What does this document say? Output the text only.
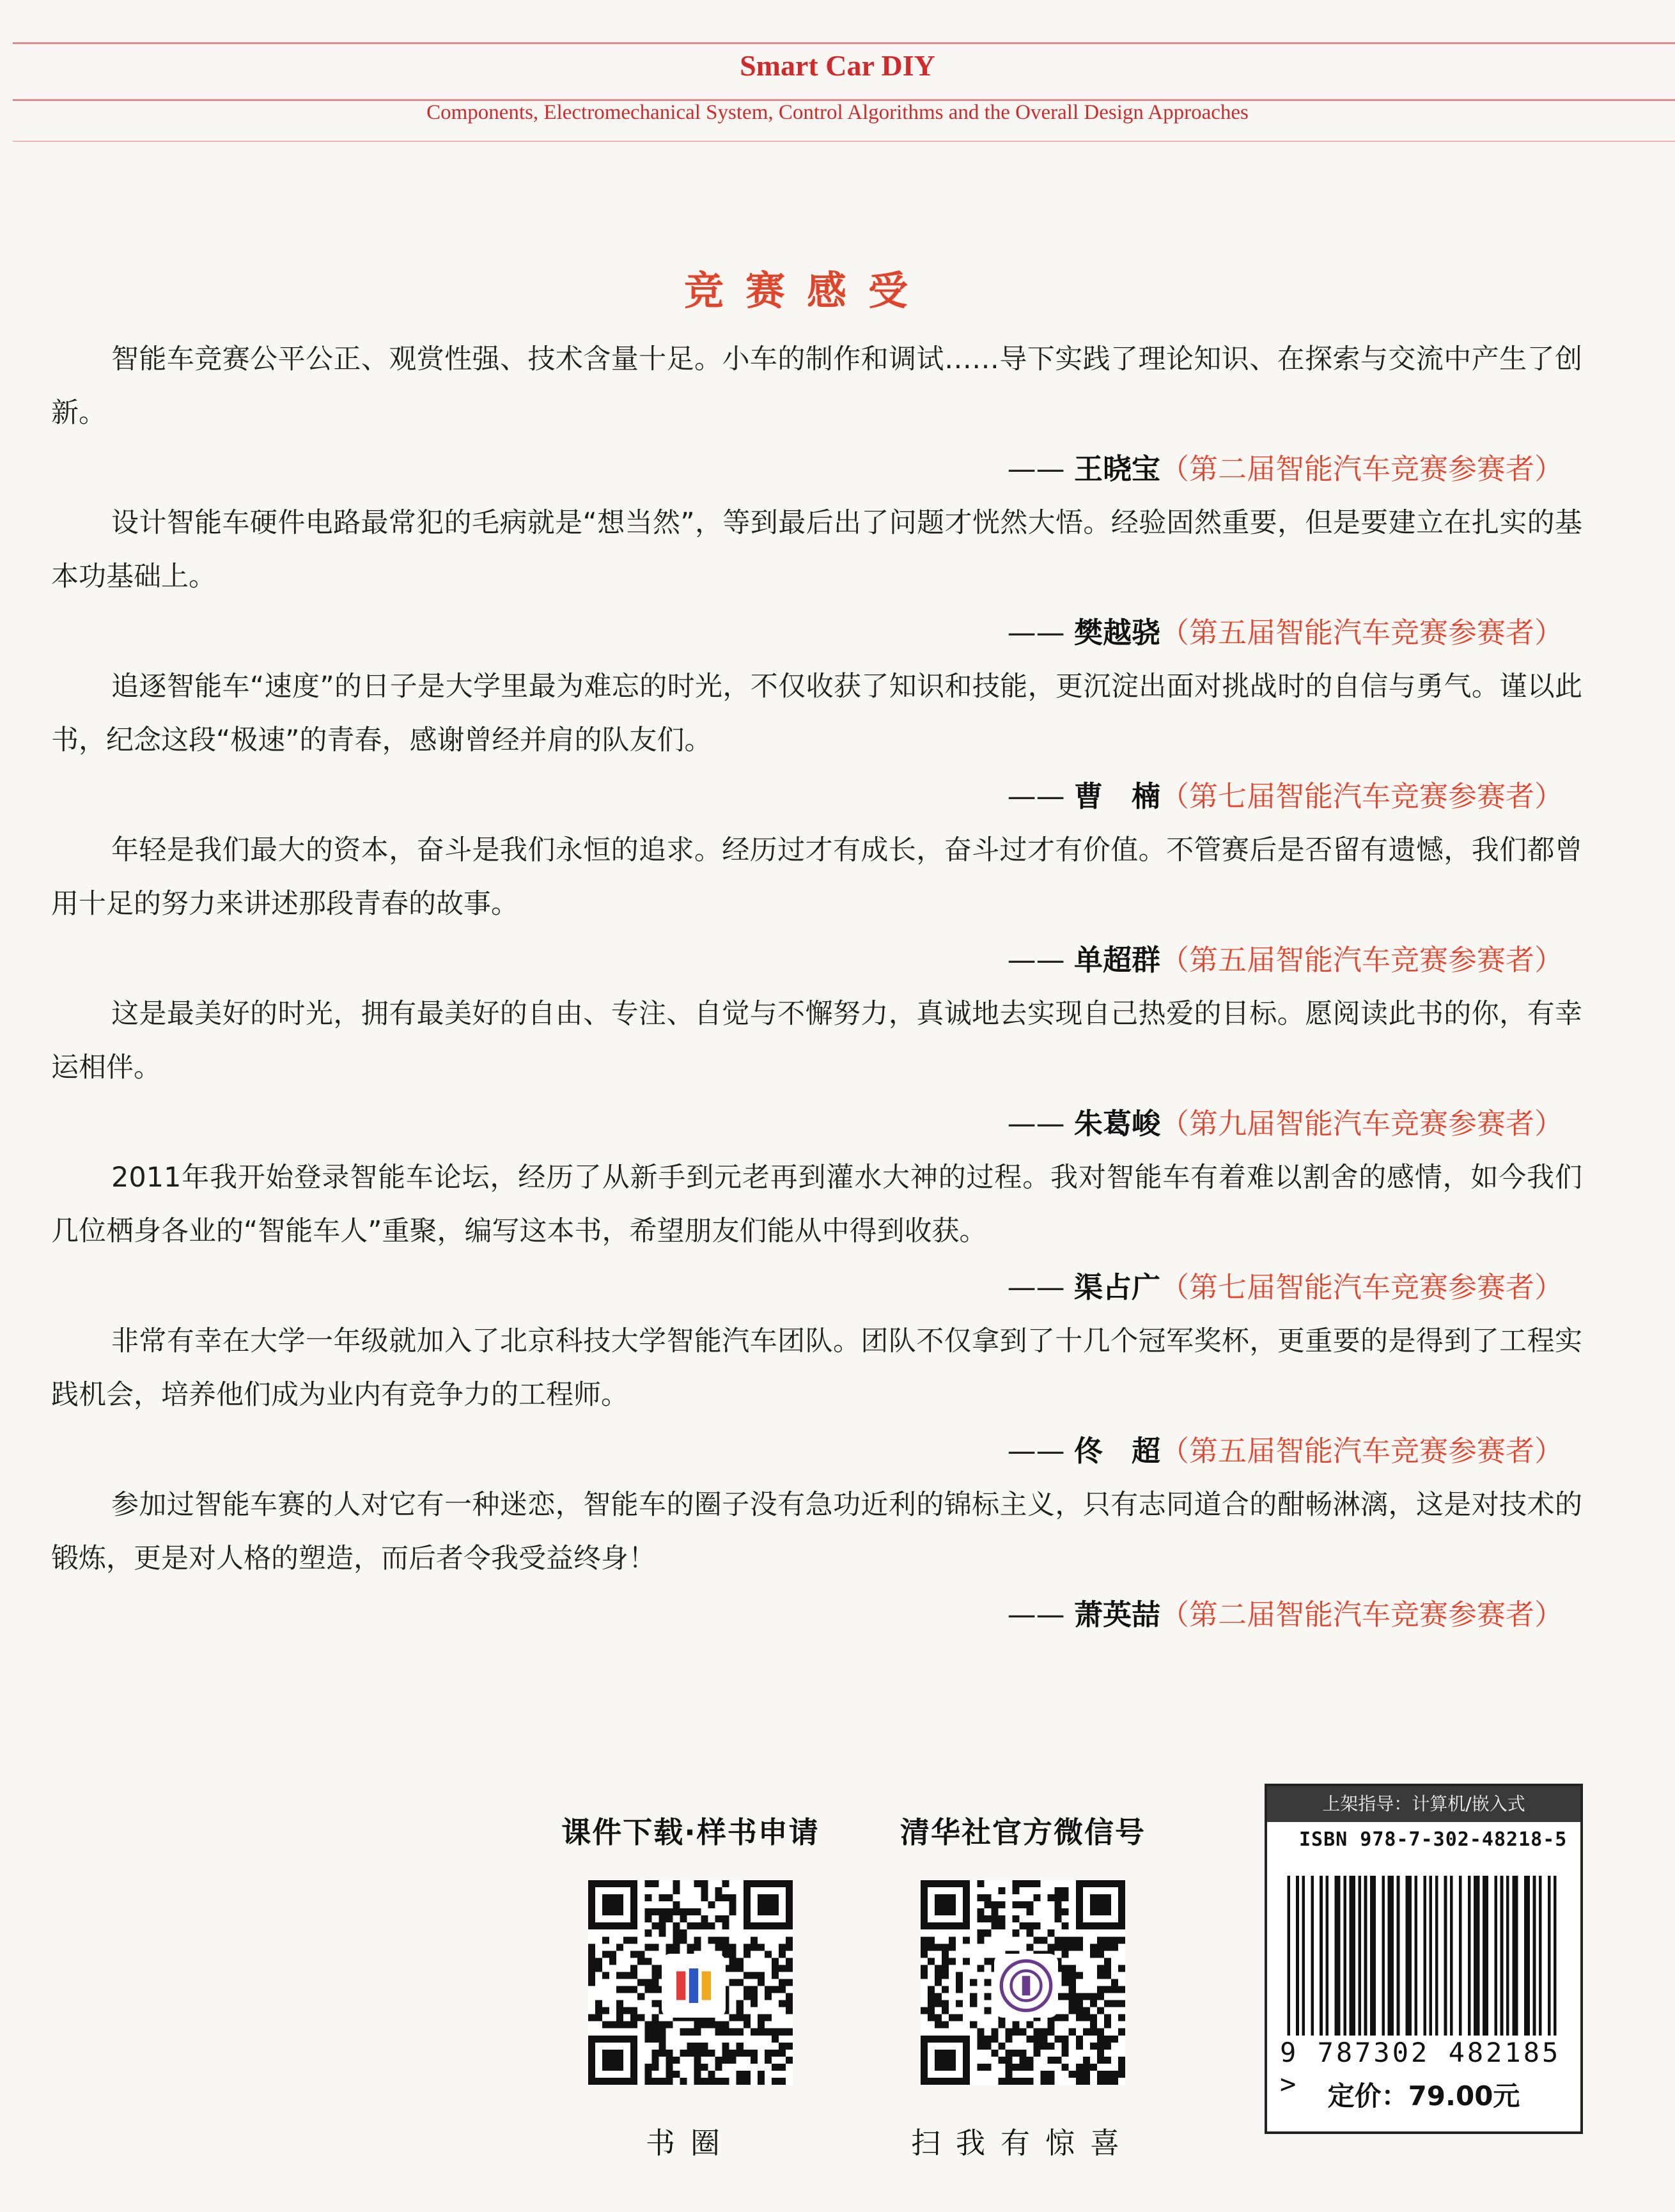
Smart Car DIY
Components, Electromechanical System, Control Algorithms and the Overall Design Approaches
竞赛感受

智能车竞赛公平公正、观赏性强、技术含量十足。小车的制作和调试……导下实践了理论知识、在探索与交流中产生了创新。

—— 王晓宝（第二届智能汽车竞赛参赛者）

设计智能车硬件电路最常犯的毛病就是“想当然”，等到最后出了问题才恍然大悟。经验固然重要，但是要建立在扎实的基本功基础上。

—— 樊越骁（第五届智能汽车竞赛参赛者）

追逐智能车“速度”的日子是大学里最为难忘的时光，不仅收获了知识和技能，更沉淀出面对挑战时的自信与勇气。谨以此书，纪念这段“极速”的青春，感谢曾经并肩的队友们。

—— 曹　楠（第七届智能汽车竞赛参赛者）

年轻是我们最大的资本，奋斗是我们永恒的追求。经历过才有成长，奋斗过才有价值。不管赛后是否留有遗憾，我们都曾用十足的努力来讲述那段青春的故事。

—— 单超群（第五届智能汽车竞赛参赛者）

这是最美好的时光，拥有最美好的自由、专注、自觉与不懈努力，真诚地去实现自己热爱的目标。愿阅读此书的你，有幸运相伴。

—— 朱葛峻（第九届智能汽车竞赛参赛者）

2011年我开始登录智能车论坛，经历了从新手到元老再到灌水大神的过程。我对智能车有着难以割舍的感情，如今我们几位栖身各业的“智能车人”重聚，编写这本书，希望朋友们能从中得到收获。

—— 渠占广（第七届智能汽车竞赛参赛者）

非常有幸在大学一年级就加入了北京科技大学智能汽车团队。团队不仅拿到了十几个冠军奖杯，更重要的是得到了工程实践机会，培养他们成为业内有竞争力的工程师。

—— 佟　超（第五届智能汽车竞赛参赛者）

参加过智能车赛的人对它有一种迷恋，智能车的圈子没有急功近利的锦标主义，只有志同道合的酣畅淋漓，这是对技术的锻炼，更是对人格的塑造，而后者令我受益终身！

—— 萧英喆（第二届智能汽车竞赛参赛者）
课件下载·样书申请
书圈
清华社官方微信号
扫我有惊喜
上架指导：计算机/嵌入式
ISBN 978-7-302-48218-5
9 787302 482185 >	定价：79.00元
